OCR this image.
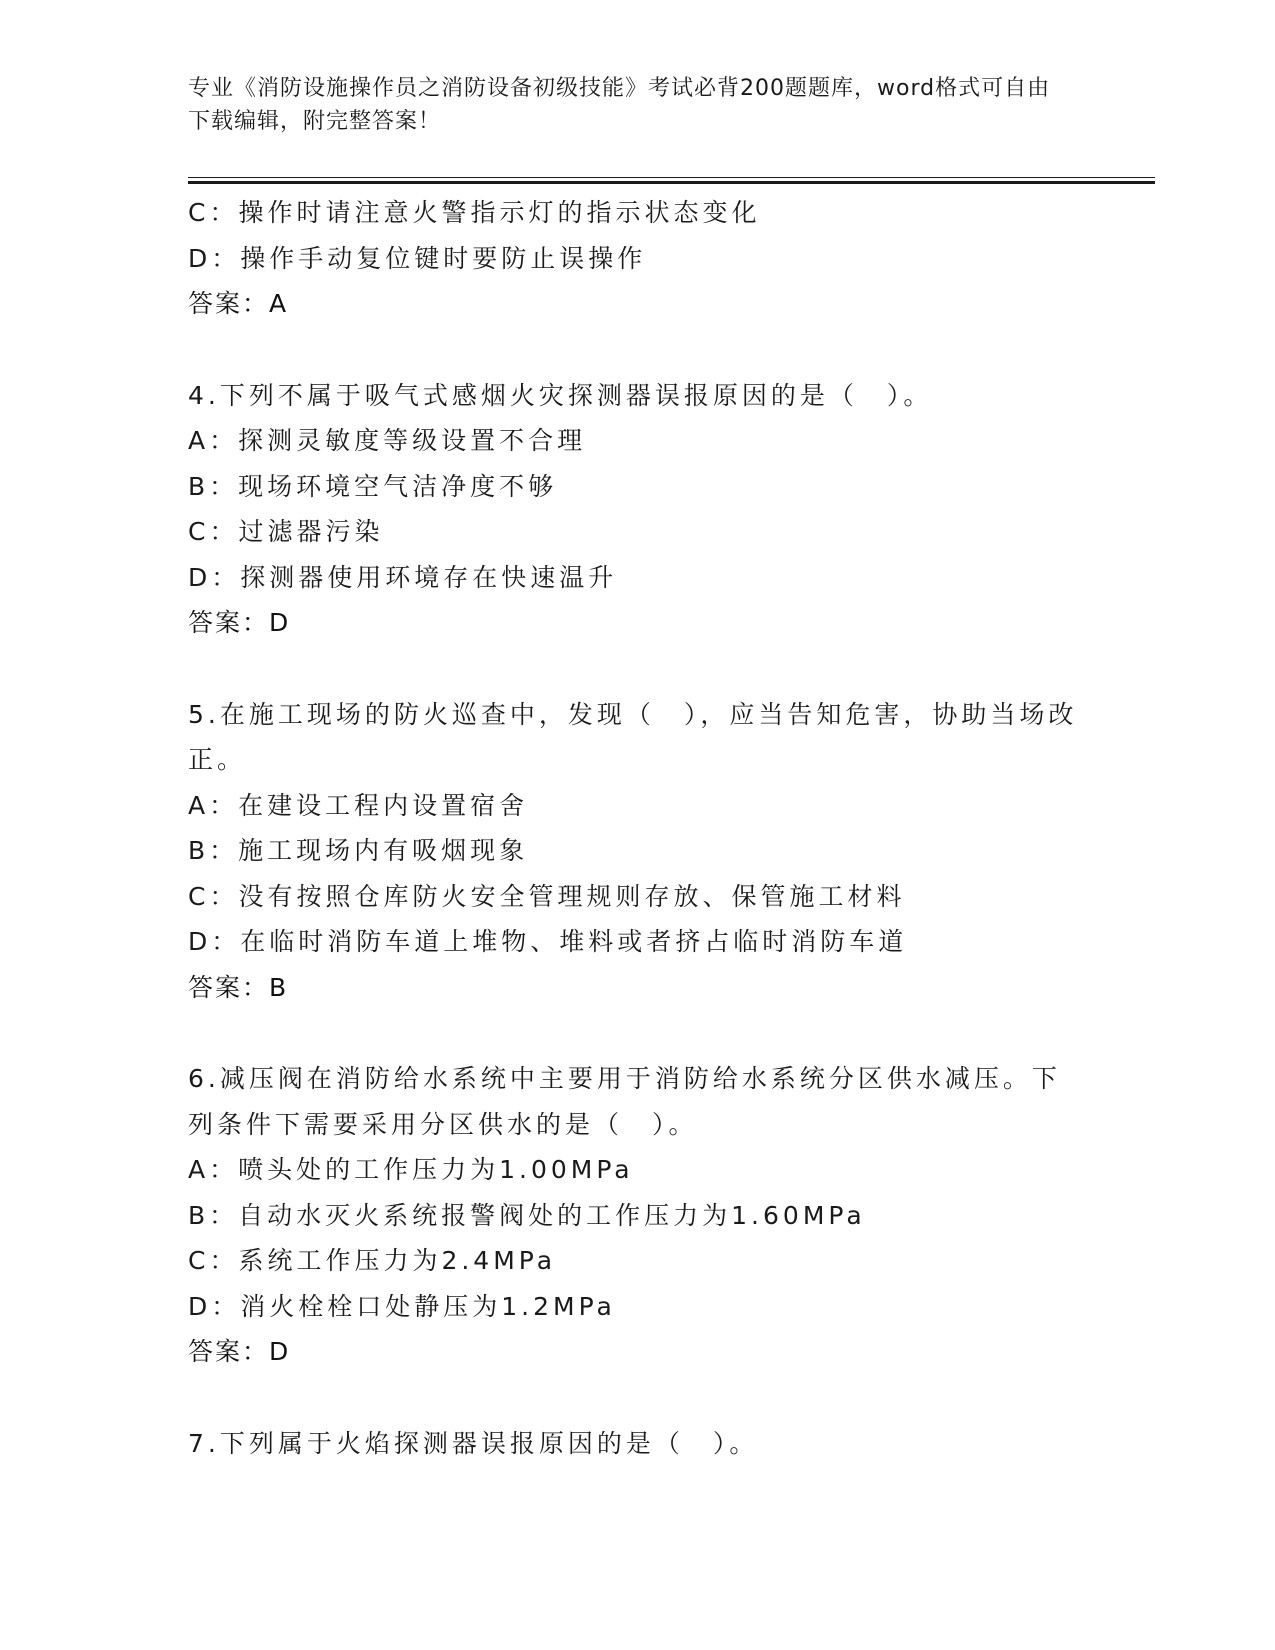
专业《消防设施操作员之消防设备初级技能》考试必背200题题库，word格式可自由下载编辑，附完整答案！
C：操作时请注意火警指示灯的指示状态变化
D：操作手动复位键时要防止误操作
答案：A
4.下列不属于吸气式感烟火灾探测器误报原因的是（　）。
A：探测灵敏度等级设置不合理
B：现场环境空气洁净度不够
C：过滤器污染
D：探测器使用环境存在快速温升
答案：D
5.在施工现场的防火巡查中，发现（　），应当告知危害，协助当场改正。
A：在建设工程内设置宿舍
B：施工现场内有吸烟现象
C：没有按照仓库防火安全管理规则存放、保管施工材料
D：在临时消防车道上堆物、堆料或者挤占临时消防车道
答案：B
6.减压阀在消防给水系统中主要用于消防给水系统分区供水减压。下列条件下需要采用分区供水的是（　）。
A：喷头处的工作压力为1.00MPa
B：自动水灭火系统报警阀处的工作压力为1.60MPa
C：系统工作压力为2.4MPa
D：消火栓栓口处静压为1.2MPa
答案：D
7.下列属于火焰探测器误报原因的是（　）。
